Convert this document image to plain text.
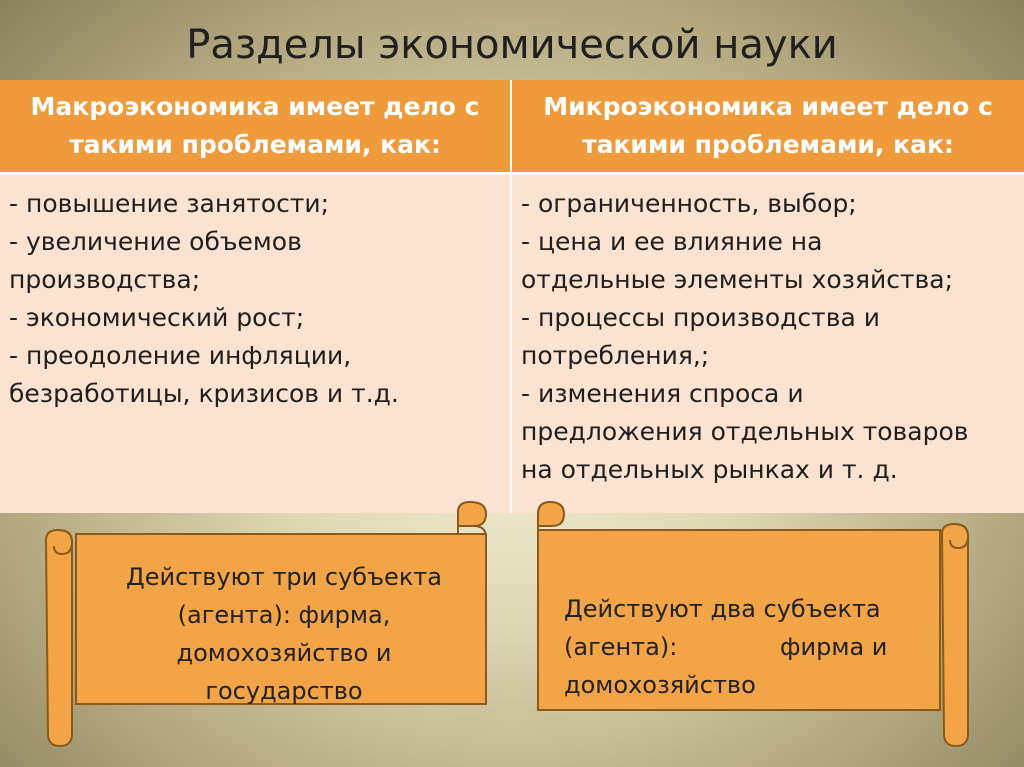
Разделы экономической науки
Макроэкономика имеет дело с
такими проблемами, как:
Микроэкономика имеет дело с
такими проблемами, как:
- повышение занятости;
- увеличение объемов
производства;
- экономический рост;
- преодоление инфляции,
безработицы, кризисов и т.д.
- ограниченность, выбор;
- цена и ее влияние на
отдельные элементы хозяйства;
- процессы производства и
потребления,;
- изменения спроса и
предложения отдельных товаров
на отдельных рынках и т. д.
Действуют три субъекта
(агента): фирма,
домохозяйство и
государство
Действуют два субъекта
(агента):	фирма и
домохозяйство
